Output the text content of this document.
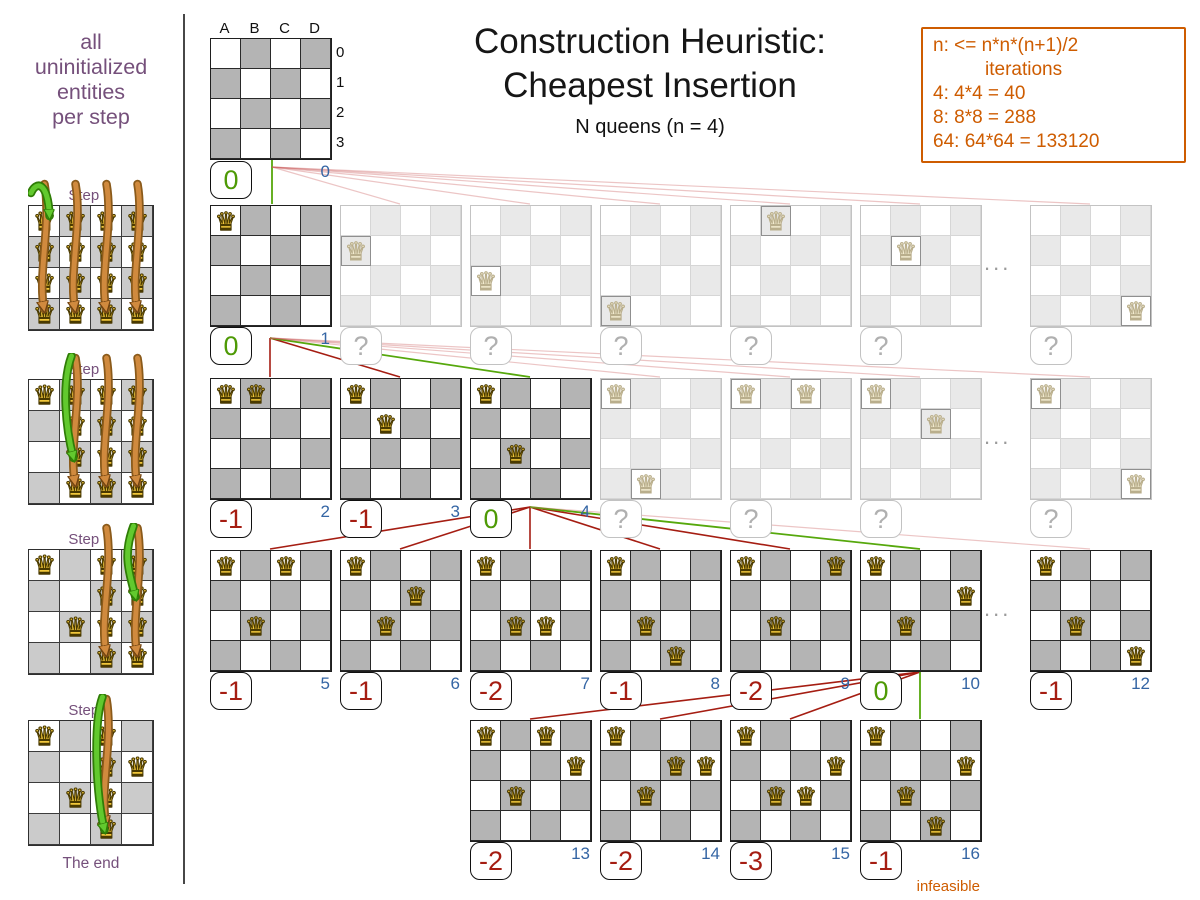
all
uninitialized
entities
per step
Construction Heuristic:
Cheapest Insertion
N queens (n = 4)
n: <= n*n*(n+1)/2
iterations
4: 4*4 = 40
8: 8*8 = 288
64: 64*64 = 133120
The end
A	B	C	D
0
1
2
3
0	0
♛
0	1
♛
?
♛
?
♛
?
♛
?
♛
?
♛
?
...
♛ ♛
-1	2
♛
♛
-1	3
♛
♛
0	4
♛
♛
?
♛ ♛
?
♛
♛
?
♛
♛
?
...
♛
♛
♛
-1	5
♛
♛
♛
-1	6
♛
♛ ♛
-2	7
♛
♛
♛
-1	8
♛
♛
♛
-2	9
♛
♛
♛
0	10
♛
♛
♛
-1	12
...
♛
♛
♛
♛
-2	13
♛
♛
♛ ♛
-2	14
♛
♛ ♛
♛
-3	15
♛
♛
♛
♛
-1	16
infeasible
Step 0
♛
♛
♛
♛
♛
♛
♛
♛
♛
♛
♛
♛
♛
♛
♛
♛
Step 1
♛ ♛
♛
♛
♛
♛
♛
♛
♛
♛
♛
♛
♛
Step 2
♛
♛
♛
♛
♛
♛
♛
♛
♛
♛
Step 3
♛
♛
♛
♛
♛
♛
♛
